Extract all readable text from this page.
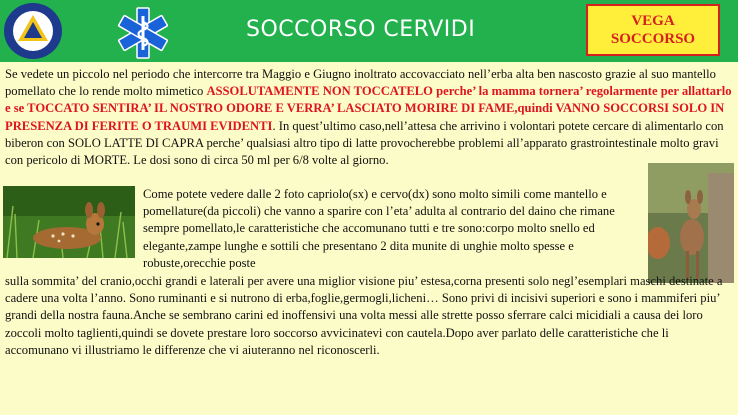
SOCCORSO CERVIDI	VEGA
SOCCORSO
Se vedete un piccolo nel periodo che intercorre tra Maggio e Giugno inoltrato accovacciato nell’erba alta ben nascosto grazie al suo mantello pomellato che lo rende molto mimetico ASSOLUTAMENTE NON TOCCATELO perche’ la mamma tornera’ regolarmente per allattarlo e se TOCCATO SENTIRA’ IL NOSTRO ODORE E VERRA’ LASCIATO MORIRE DI FAME,quindi VANNO SOCCORSI SOLO IN PRESENZA DI FERITE O TRAUMI EVIDENTI. In quest’ultimo caso,nell’attesa che arrivino i volontari potete cercare di alimentarlo con biberon con SOLO LATTE DI CAPRA perche’ qualsiasi altro tipo di latte provocherebbe problemi all’apparato grastrointestinale molto gravi con pericolo di MORTE. Le dosi sono di circa 50 ml per 6/8 volte al giorno.
Come potete vedere dalle 2 foto capriolo(sx) e cervo(dx) sono molto simili come mantello e pomellature(da piccoli) che vanno a sparire con l’eta’ adulta al contrario del daino che rimane sempre pomellato,le caratteristiche che accomunano tutti e tre sono:corpo molto snello ed elegante,zampe lunghe e sottili che presentano 2 dita munite di unghie molto spesse e robuste,orecchie poste
sulla sommita’ del cranio,occhi grandi e laterali per avere una miglior visione piu’ estesa,corna presenti solo negl’esemplari maschi destinate a cadere una volta l’anno. Sono ruminanti e si nutrono di erba,foglie,germogli,licheni… Sono privi di incisivi superiori e sono i mammiferi piu’ grandi della nostra fauna.Anche se sembrano carini ed inoffensivi una volta messi alle strette posso sferrare calci micidiali a causa dei loro zoccoli molto taglienti,quindi se dovete prestare loro soccorso avvicinatevi con cautela.Dopo aver parlato delle caratteristiche che li accomunano vi illustriamo le differenze che vi aiuteranno nel riconoscerli.
